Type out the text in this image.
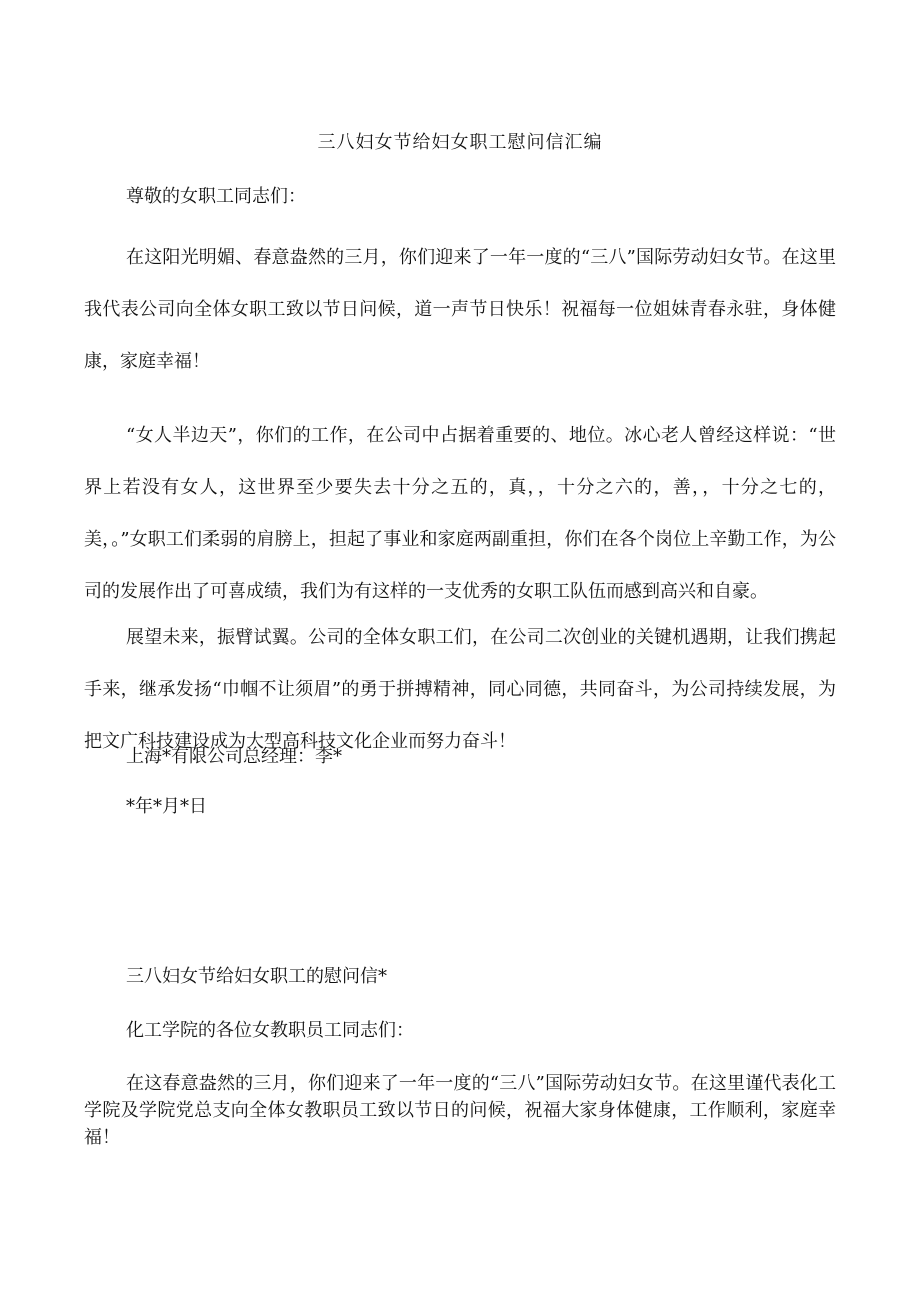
三八妇女节给妇女职工慰问信汇编
尊敬的女职工同志们：
在这阳光明媚、春意盎然的三月，你们迎来了一年一度的“三八”国际劳动妇女节。在这里我代表公司向全体女职工致以节日问候，道一声节日快乐！祝福每一位姐妹青春永驻，身体健康，家庭幸福！
“女人半边天”，你们的工作，在公司中占据着重要的、地位。冰心老人曾经这样说：“世界上若没有女人，这世界至少要失去十分之五的，真，，十分之六的，善，，十分之七的，美，。”女职工们柔弱的肩膀上，担起了事业和家庭两副重担，你们在各个岗位上辛勤工作，为公司的发展作出了可喜成绩，我们为有这样的一支优秀的女职工队伍而感到高兴和自豪。
展望未来，振臂试翼。公司的全体女职工们，在公司二次创业的关键机遇期，让我们携起手来，继承发扬“巾帼不让须眉”的勇于拼搏精神，同心同德，共同奋斗，为公司持续发展，为把文广科技建设成为大型高科技文化企业而努力奋斗！
上海*有限公司总经理：李*
*年*月*日
三八妇女节给妇女职工的慰问信*
化工学院的各位女教职员工同志们：
在这春意盎然的三月，你们迎来了一年一度的“三八”国际劳动妇女节。在这里谨代表化工学院及学院党总支向全体女教职员工致以节日的问候，祝福大家身体健康，工作顺利，家庭幸福！
